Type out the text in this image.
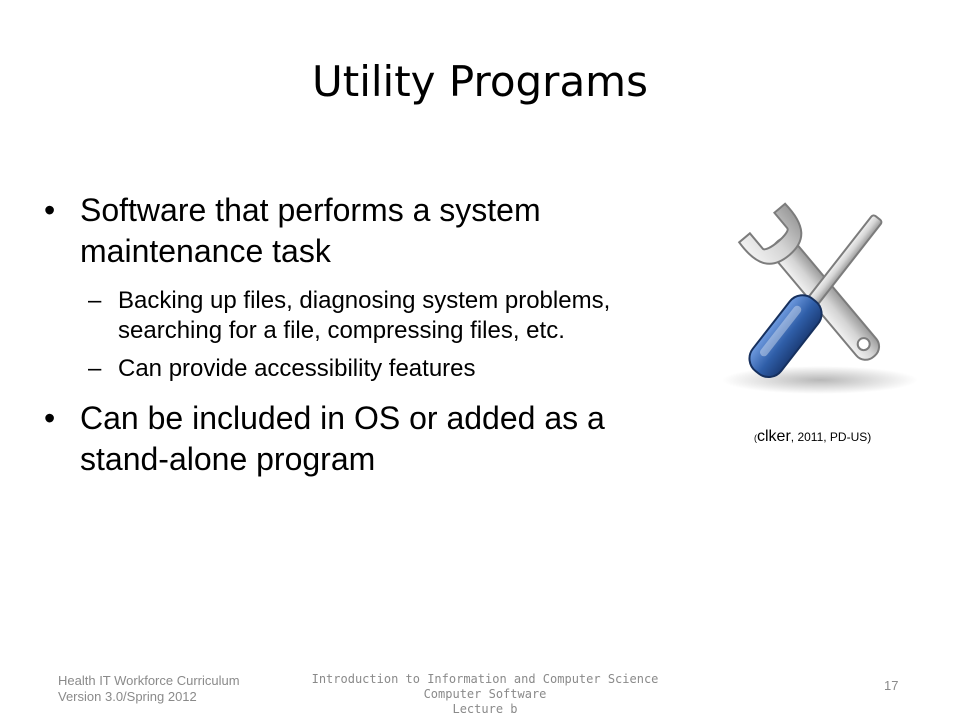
Utility Programs
• Software that performs a system maintenance task
– Backing up files, diagnosing system problems, searching for a file, compressing files, etc.
– Can provide accessibility features
• Can be included in OS or added as a stand-alone program
(clker, 2011, PD-US)
Health IT Workforce Curriculum
Version 3.0/Spring 2012
Introduction to Information and Computer Science
Computer Software
Lecture b
17
